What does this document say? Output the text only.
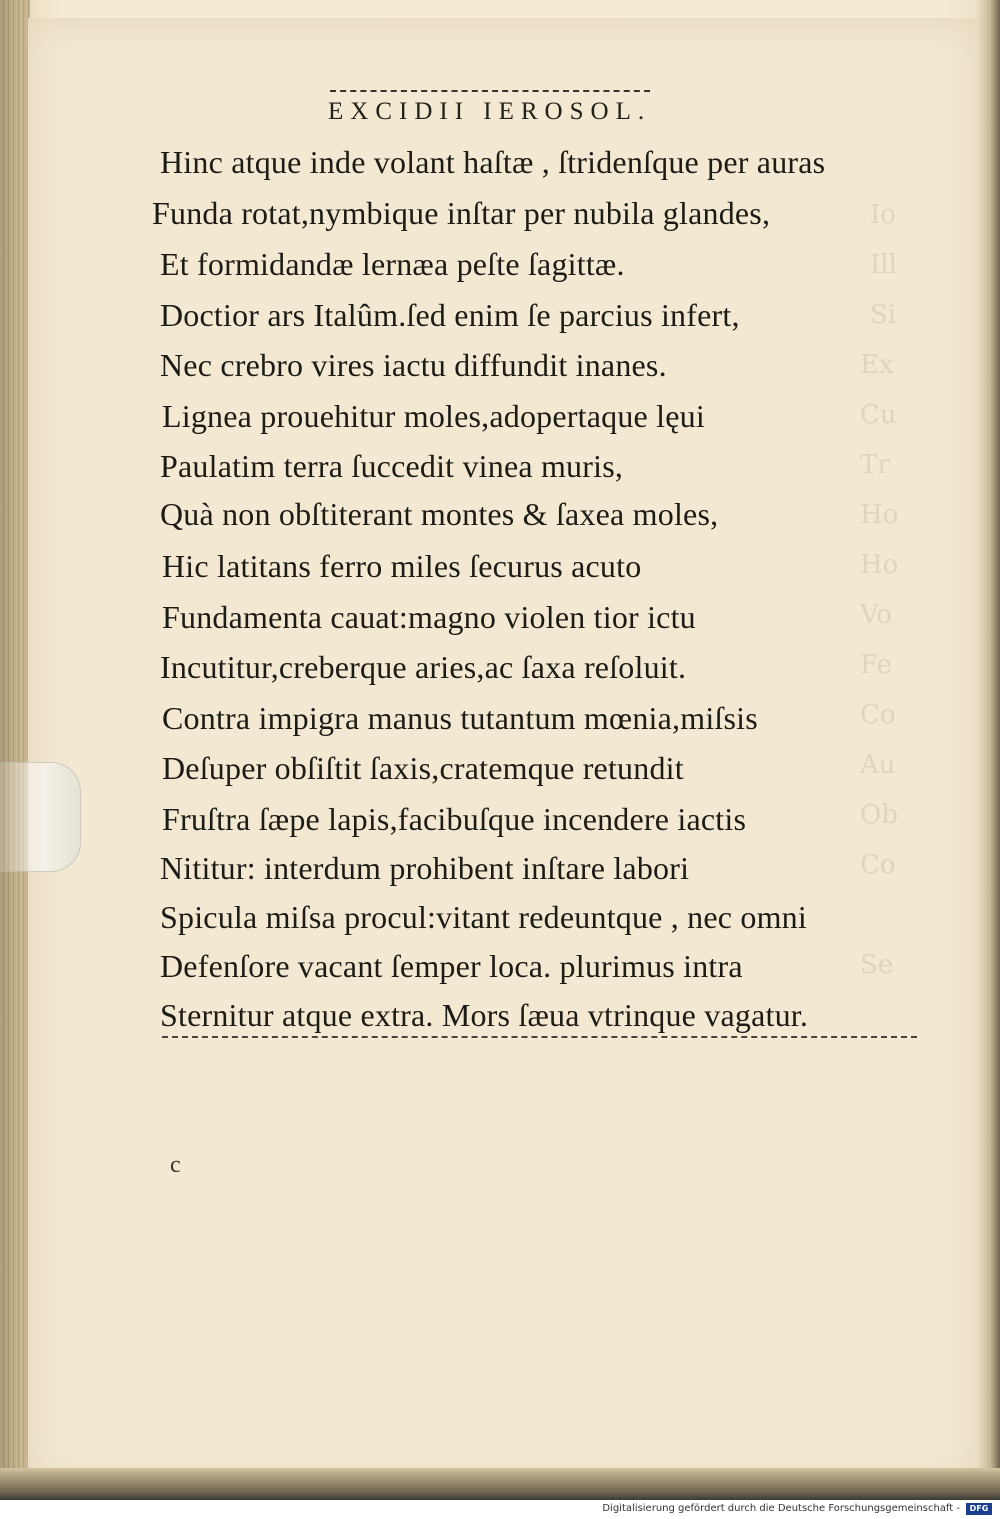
Io
Ill
Si
Ex
Cu
Tr
Ho
Ho
Vo
Fe
Co
Au
Ob
Co
Se
EXCIDII IEROSOL.
Hinc atque inde volant haſtæ , ſtridenſque per auras
Funda rotat,nymbique inſtar per nubila glandes,
Et formidandæ lernæa peſte ſagittæ.
Doctior ars Italûm.ſed enim ſe parcius infert,
Nec crebro vires iactu diffundit inanes.
Lignea prouehitur moles,adopertaque lęui
Paulatim terra ſuccedit vinea muris,
Quà non obſtiterant montes & ſaxea moles,
Hic latitans ferro miles ſecurus acuto
Fundamenta cauat:magno violen tior ictu
Incutitur,creberque aries,ac ſaxa reſoluit.
Contra impigra manus tutantum mœnia,miſsis
Deſuper obſiſtit ſaxis,cratemque retundit
Fruſtra ſæpe lapis,facibuſque incendere iactis
Nititur: interdum prohibent inſtare labori
Spicula miſsa procul:vitant redeuntque , nec omni
Defenſore vacant ſemper loca. plurimus intra
Sternitur atque extra. Mors ſæua vtrinque vagatur.
c
Digitalisierung gefördert durch die Deutsche Forschungsgemeinschaft -	DFG
